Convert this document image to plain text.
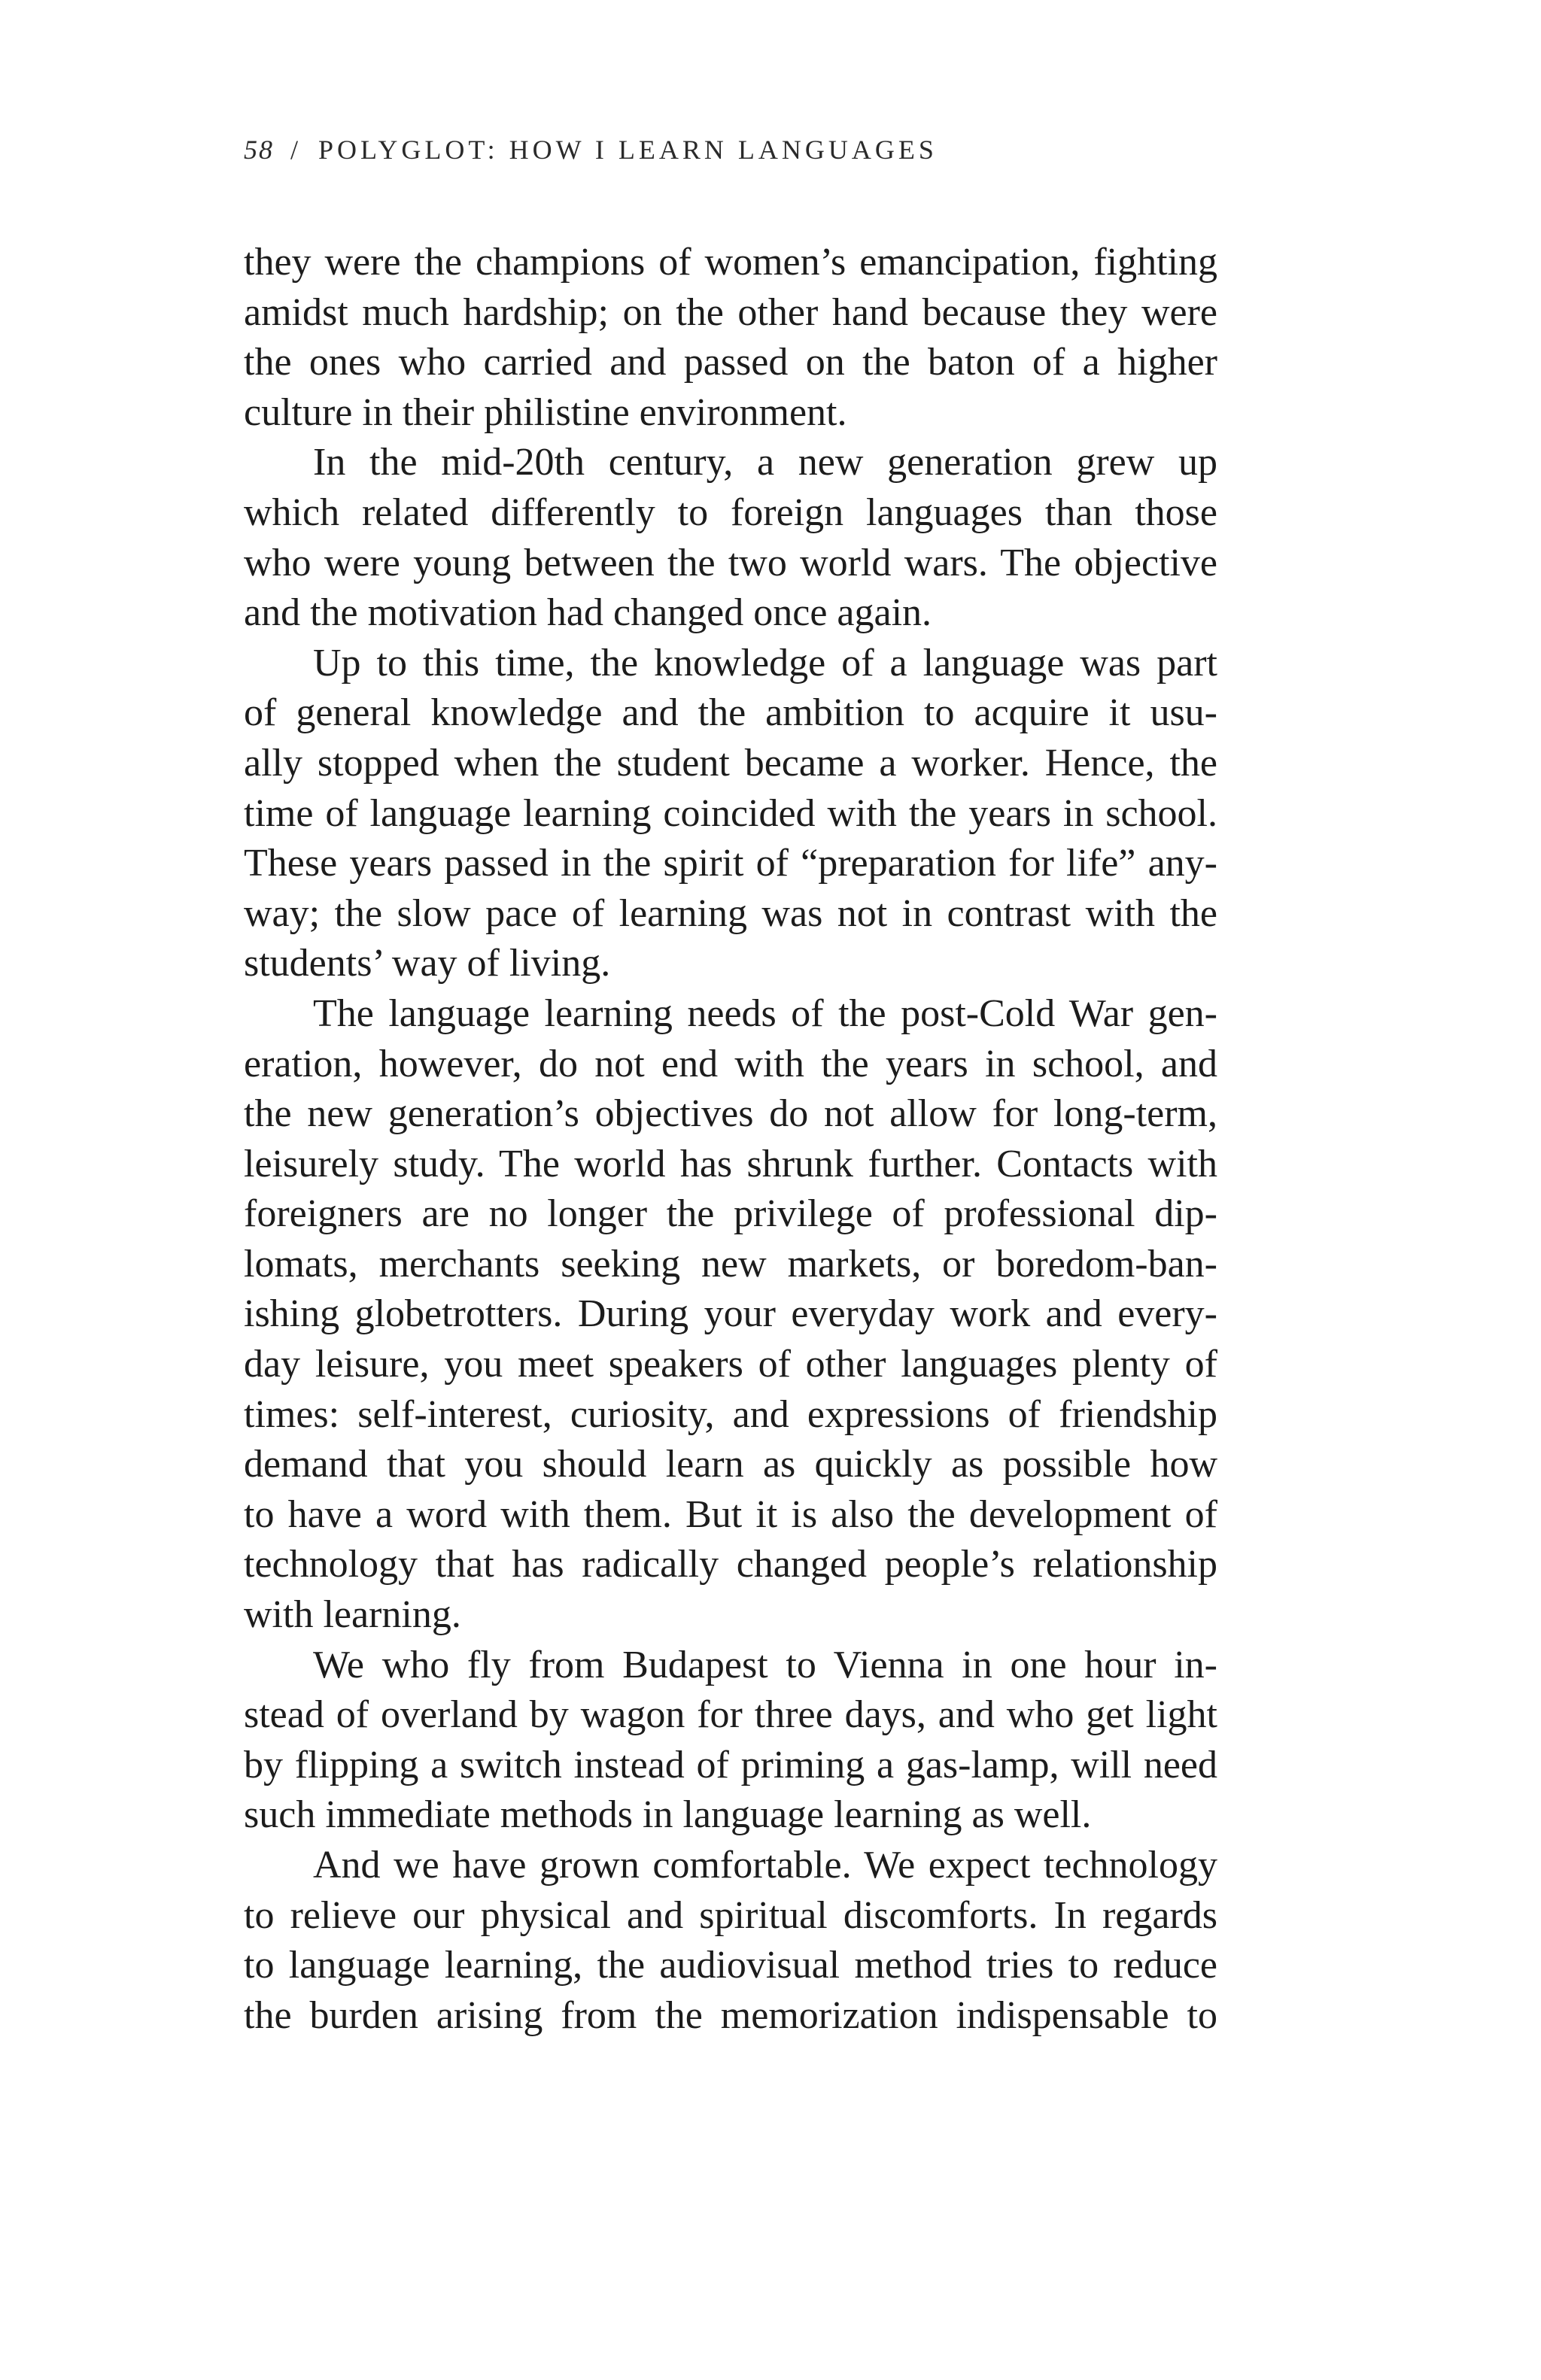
58 / POLYGLOT: HOW I LEARN LANGUAGES
they were the champions of women’s emancipation, fighting
amidst much hardship; on the other hand because they were
the ones who carried and passed on the baton of a higher
culture in their philistine environment.
In the mid-20th century, a new generation grew up
which related differently to foreign languages than those
who were young between the two world wars. The objective
and the motivation had changed once again.
Up to this time, the knowledge of a language was part
of general knowledge and the ambition to acquire it usu-
ally stopped when the student became a worker. Hence, the
time of language learning coincided with the years in school.
These years passed in the spirit of “preparation for life” any-
way; the slow pace of learning was not in contrast with the
students’ way of living.
The language learning needs of the post-Cold War gen-
eration, however, do not end with the years in school, and
the new generation’s objectives do not allow for long-term,
leisurely study. The world has shrunk further. Contacts with
foreigners are no longer the privilege of professional dip-
lomats, merchants seeking new markets, or boredom-ban-
ishing globetrotters. During your everyday work and every-
day leisure, you meet speakers of other languages plenty of
times: self-interest, curiosity, and expressions of friendship
demand that you should learn as quickly as possible how
to have a word with them. But it is also the development of
technology that has radically changed people’s relationship
with learning.
We who fly from Budapest to Vienna in one hour in-
stead of overland by wagon for three days, and who get light
by flipping a switch instead of priming a gas-lamp, will need
such immediate methods in language learning as well.
And we have grown comfortable. We expect technology
to relieve our physical and spiritual discomforts. In regards
to language learning, the audiovisual method tries to reduce
the burden arising from the memorization indispensable to
